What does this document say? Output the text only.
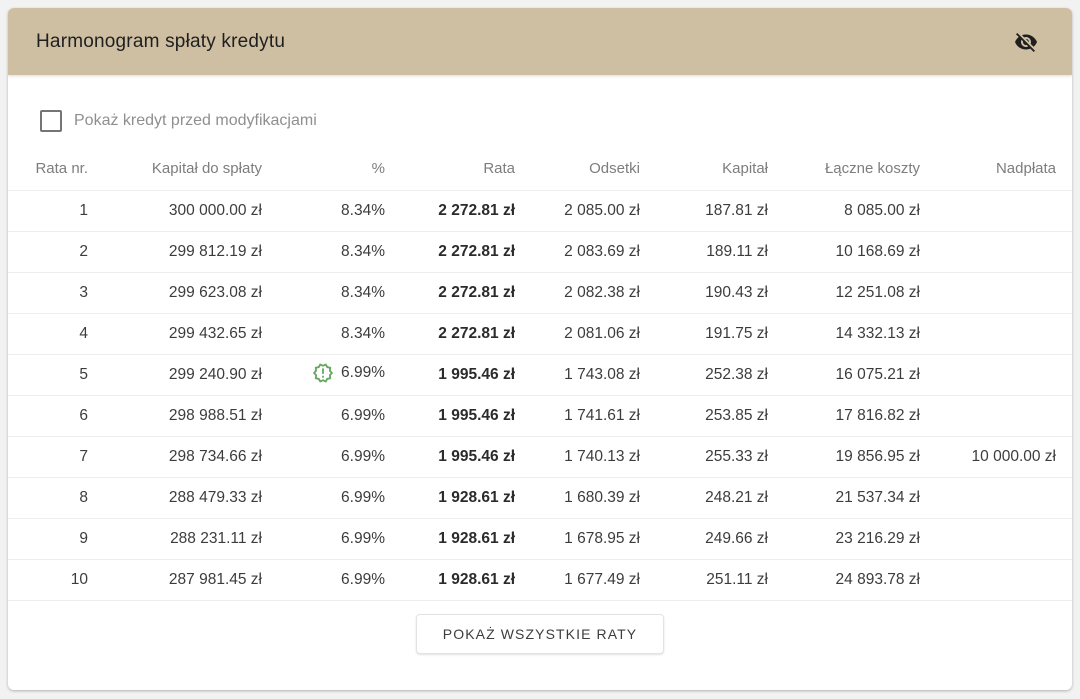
Harmonogram spłaty kredytu
Pokaż kredyt przed modyfikacjami
Rata nr.	Kapitał do spłaty	%	Rata	Odsetki	Kapitał	Łączne koszty	Nadpłata
1	300 000.00 zł	8.34%	2 272.81 zł	2 085.00 zł	187.81 zł	8 085.00 zł	
2	299 812.19 zł	8.34%	2 272.81 zł	2 083.69 zł	189.11 zł	10 168.69 zł	
3	299 623.08 zł	8.34%	2 272.81 zł	2 082.38 zł	190.43 zł	12 251.08 zł	
4	299 432.65 zł	8.34%	2 272.81 zł	2 081.06 zł	191.75 zł	14 332.13 zł	
5	299 240.90 zł	6.99%	1 995.46 zł	1 743.08 zł	252.38 zł	16 075.21 zł	
6	298 988.51 zł	6.99%	1 995.46 zł	1 741.61 zł	253.85 zł	17 816.82 zł	
7	298 734.66 zł	6.99%	1 995.46 zł	1 740.13 zł	255.33 zł	19 856.95 zł	10 000.00 zł
8	288 479.33 zł	6.99%	1 928.61 zł	1 680.39 zł	248.21 zł	21 537.34 zł	
9	288 231.11 zł	6.99%	1 928.61 zł	1 678.95 zł	249.66 zł	23 216.29 zł	
10	287 981.45 zł	6.99%	1 928.61 zł	1 677.49 zł	251.11 zł	24 893.78 zł	
POKAŻ WSZYSTKIE RATY
